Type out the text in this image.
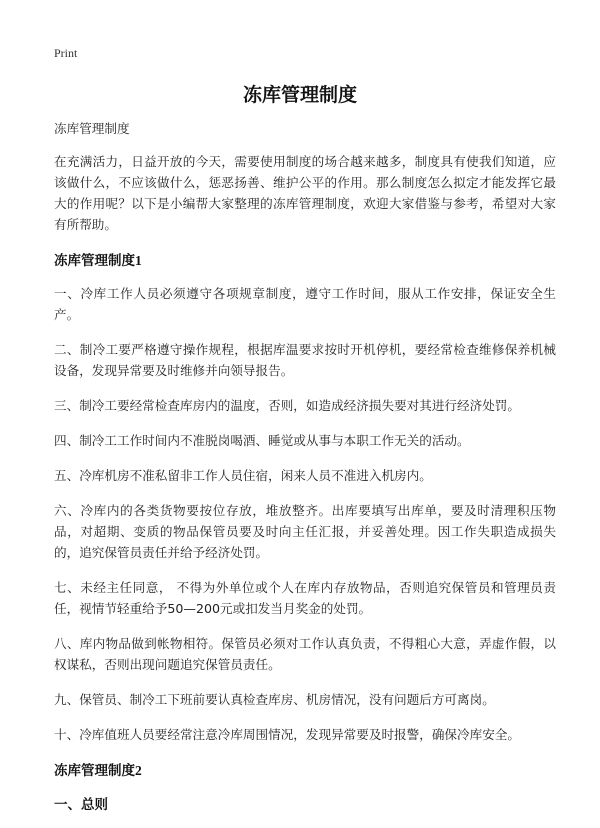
Print
冻库管理制度

冻库管理制度

在充满活力，日益开放的今天，需要使用制度的场合越来越多，制度具有使我们知道，应该做什么，不应该做什么，惩恶扬善、维护公平的作用。那么制度怎么拟定才能发挥它最大的作用呢？以下是小编帮大家整理的冻库管理制度，欢迎大家借鉴与参考，希望对大家有所帮助。

冻库管理制度1

一、冷库工作人员必须遵守各项规章制度，遵守工作时间，服从工作安排，保证安全生产。

二、制冷工要严格遵守操作规程，根据库温要求按时开机停机，要经常检查维修保养机械设备，发现异常要及时维修并向领导报告。

三、制冷工要经常检查库房内的温度，否则，如造成经济损失要对其进行经济处罚。

四、制冷工工作时间内不准脱岗喝酒、睡觉或从事与本职工作无关的活动。

五、冷库机房不准私留非工作人员住宿，闲来人员不准进入机房内。

六、冷库内的各类货物要按位存放，堆放整齐。出库要填写出库单，要及时清理积压物品，对超期、变质的物品保管员要及时向主任汇报，并妥善处理。因工作失职造成损失的，追究保管员责任并给予经济处罚。

七、未经主任同意， 不得为外单位或个人在库内存放物品，否则追究保管员和管理员责任，视情节轻重给予50—200元或扣发当月奖金的处罚。

八、库内物品做到帐物相符。保管员必须对工作认真负责，不得粗心大意，弄虚作假，以权谋私，否则出现问题追究保管员责任。

九、保管员、制冷工下班前要认真检查库房、机房情况，没有问题后方可离岗。

十、冷库值班人员要经常注意冷库周围情况，发现异常要及时报警，确保冷库安全。

冻库管理制度2

一、总则
